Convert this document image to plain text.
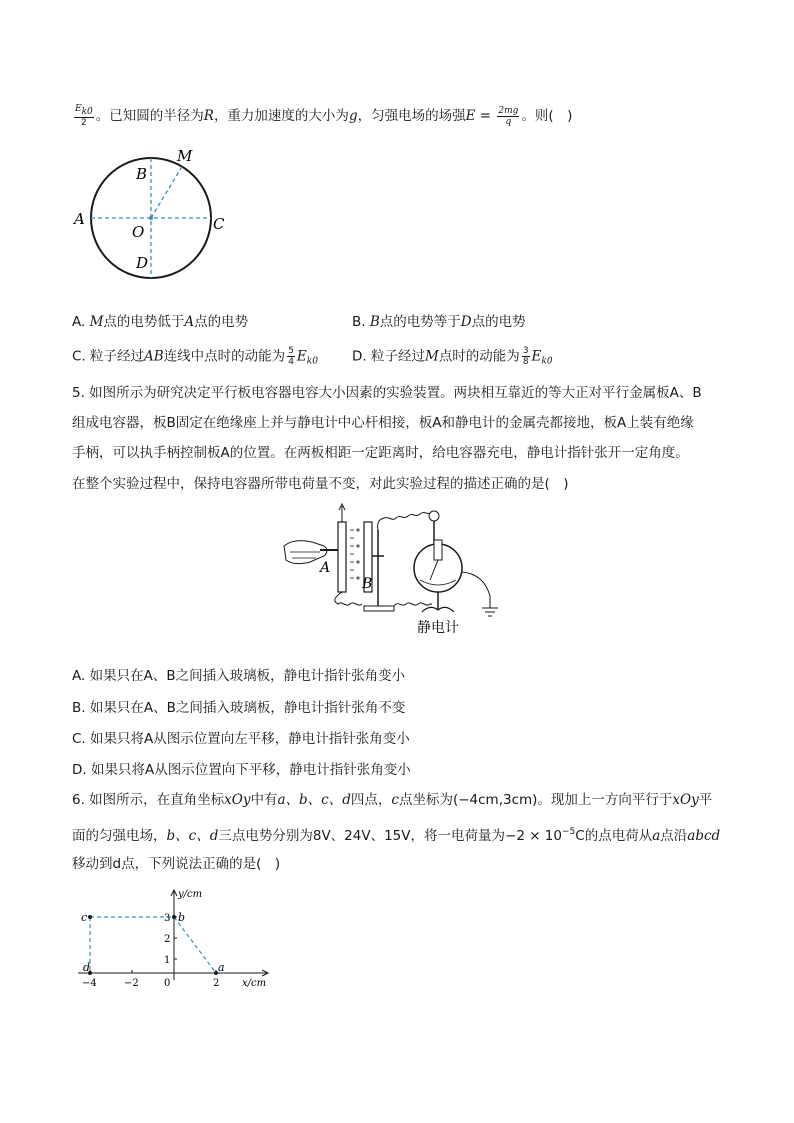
$\frac{Ek0}{2}$ 。已知圆的半径为R，重力加速度的大小为g，匀强电场的场强$E = \frac{2mg}{q}$ 。则(　)
A	C
B
D
O
M
A. M点的电势低于A点的电势	B. B点的电势等于D点的电势
C. 粒子经过AB连线中点时的动能为 $\frac{5}{4} E_{k0}$	D. 粒子经过M点时的动能为 $\frac{3}{8} E_{k0}$
5. 如图所示为研究决定平行板电容器电容大小因素的实验装置。两块相互靠近的等大正对平行金属板A、B
组成电容器，板B固定在绝缘座上并与静电计中心杆相接，板A和静电计的金属壳都接地，板A上装有绝缘
手柄，可以执手柄控制板A的位置。在两板相距一定距离时，给电容器充电，静电计指针张开一定角度。
在整个实验过程中，保持电容器所带电荷量不变，对此实验过程的描述正确的是(　)
A
B
静电计
A. 如果只在A、B之间插入玻璃板，静电计指针张角变小
B. 如果只在A、B之间插入玻璃板，静电计指针张角不变
C. 如果只将A从图示位置向左平移，静电计指针张角变小
D. 如果只将A从图示位置向下平移，静电计指针张角变小
6. 如图所示，在直角坐标xOy中有a、b、c、d四点，c点坐标为(−4cm,3cm)。现加上一方向平行于xOy平
面的匀强电场，b、c、d三点电势分别为8V、24V、15V，将一电荷量为$-2 \times 10^{-5}C$的点电荷从a点沿abcd
移动到d点，下列说法正确的是(　)
c	b
d	a
y/cm
x/cm
−4	−2	0	2
1
2
3
